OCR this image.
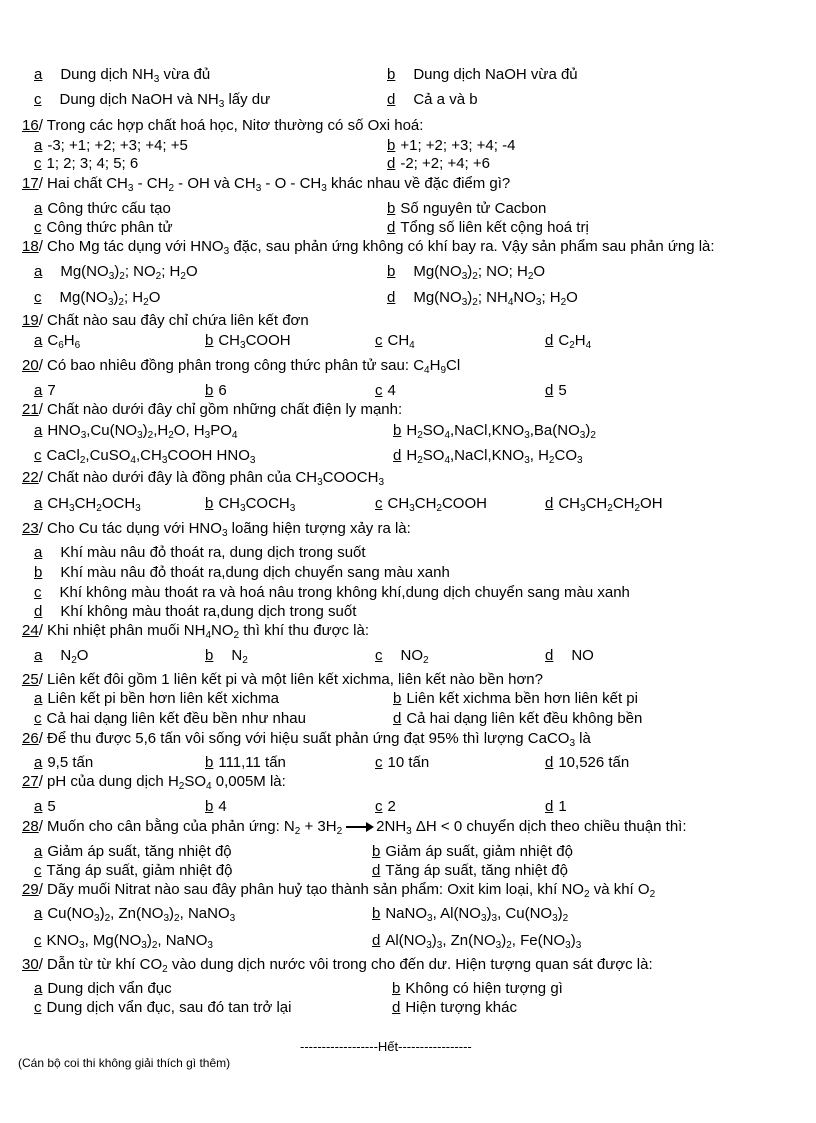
a Dung dịch $NH_3$ vừa đủ	b Dung dịch NaOH vừa đủ
c Dung dịch NaOH và $NH_3$ lấy dư	d Cả a và b
16/ Trong các hợp chất hoá học, Nitơ thường có số Oxi hoá:
a -3; +1; +2; +3; +4; +5	b +1; +2; +3; +4; -4
c 1; 2; 3; 4; 5; 6	d -2; +2; +4; +6
17/ Hai chất $CH_3 - CH_2$ - OH và $CH_3$ - O - $CH_3$ khác nhau về đặc điểm gì?
a Công thức cấu tạo	b Số nguyên tử Cacbon
c Công thức phân tử	d Tổng số liên kết cộng hoá trị
18/ Cho Mg tác dụng với $HNO_3$ đặc, sau phản ứng không có khí bay ra. Vậy sản phẩm sau phản ứng là:
a $Mg(NO_3)_2$; $NO_2$; $H_2O$	b $Mg(NO_3)_2$; NO; $H_2O$
c $Mg(NO_3)_2$; $H_2O$	d $Mg(NO_3)_2$; $NH_4NO_3$; $H_2O$
19/ Chất nào sau đây chỉ chứa liên kết đơn
a $C_6H_6$	b $CH_3COOH$	c $CH_4$	d $C_2H_4$
20/ Có bao nhiêu đồng phân trong công thức phân tử sau: $C_4H_9Cl$
a 7	b 6	c 4	d 5
21/ Chất nào dưới đây chỉ gồm những chất điện ly mạnh:
a $HNO_3,Cu(NO_3)_2,H_2O$, $H_3PO_4$	b $H_2SO_4,NaCl,KNO_3,Ba(NO_3)_2$
c $CaCl_2,CuSO_4,CH_3COOH$ $HNO_3$	d $H_2SO_4,NaCl,KNO_3$, $H_2CO_3$
22/ Chất nào dưới đây là đồng phân của $CH_3COOCH_3$
a $CH_3CH_2OCH_3$	b $CH_3COCH_3$	c $CH_3CH_2COOH$	d $CH_3CH_2CH_2OH$
23/ Cho Cu tác dụng với $HNO_3$ loãng hiện tượng xảy ra là:
a Khí màu nâu đỏ thoát ra, dung dịch trong suốt
b Khí màu nâu đỏ thoát ra,dung dịch chuyển sang màu xanh
c Khí không màu thoát ra và hoá nâu trong không khí,dung dịch chuyển sang màu xanh
d Khí không màu thoát ra,dung dịch trong suốt
24/ Khi nhiệt phân muối $NH_4NO_2$ thì khí thu được là:
a $N_2O$	b $N_2$	c $NO_2$	d NO
25/ Liên kết đôi gồm 1 liên kết pi và một liên kết xichma, liên kết nào bền hơn?
a Liên kết pi bền hơn liên kết xichma	b Liên kết xichma bền hơn liên kết pi
c Cả hai dạng liên kết đều bền như nhau	d Cả hai dạng liên kết đều không bền
26/ Để thu được 5,6 tấn vôi sống với hiệu suất phản ứng đạt 95% thì lượng CaCO$_3$ là
a 9,5 tấn	b 111,11 tấn	c 10 tấn	d 10,526 tấn
27/ pH của dung dịch $H_2SO_4$ 0,005M là:
a 5	b 4	c 2	d 1
28/ Muốn cho cân bằng của phản ứng: $N_2 + 3H_2 \to 2NH_3$ ΔH < 0 chuyển dịch theo chiều thuận thì:
a Giảm áp suất, tăng nhiệt độ	b Giảm áp suất, giảm nhiệt độ
c Tăng áp suất, giảm nhiệt độ	d Tăng áp suất, tăng nhiệt độ
29/ Dãy muối Nitrat nào sau đây phân huỷ tạo thành sản phẩm: Oxit kim loại, khí $NO_2$ và khí $O_2$
a $Cu(NO_3)_2$, $Zn(NO_3)_2$, NaNO$_3$	b NaNO$_3$, $Al(NO_3)_3$, $Cu(NO_3)_2$
c $KNO_3$, $Mg(NO_3)_2$, NaNO$_3$	d $Al(NO_3)_3$, $Zn(NO_3)_2$, $Fe(NO_3)_3$
30/ Dẫn từ từ khí $CO_2$ vào dung dịch nước vôi trong cho đến dư. Hiện tượng quan sát được là:
a Dung dịch vẩn đục	b Không có hiện tượng gì
c Dung dịch vẩn đục, sau đó tan trở lại	d Hiện tượng khác
------------------Hết-----------------
(Cán bộ coi thi không giải thích gì thêm)
